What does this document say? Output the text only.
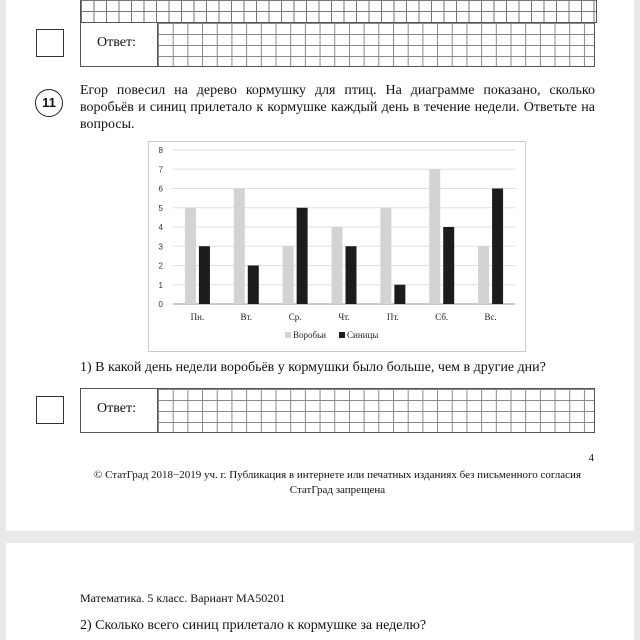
Ответ:
11
Егор повесил на дерево кормушку для птиц. На диаграмме показано, сколько воробьёв и синиц прилетало к кормушке каждый день в течение недели. Ответьте на вопросы.
0
1
2
3
4
5
6
7
8
Пн.	Вт.	Ср.	Чт.	Пт.	Сб.	Вс.
Воробьи Синицы
1) В какой день недели воробьёв у кормушки было больше, чем в другие дни?
Ответ:
4
© СтатГрад 2018−2019 уч. г. Публикация в интернете или печатных изданиях без письменного согласия СтатГрад запрещена
Математика. 5 класс. Вариант МА50201
2) Сколько всего синиц прилетало к кормушке за неделю?
